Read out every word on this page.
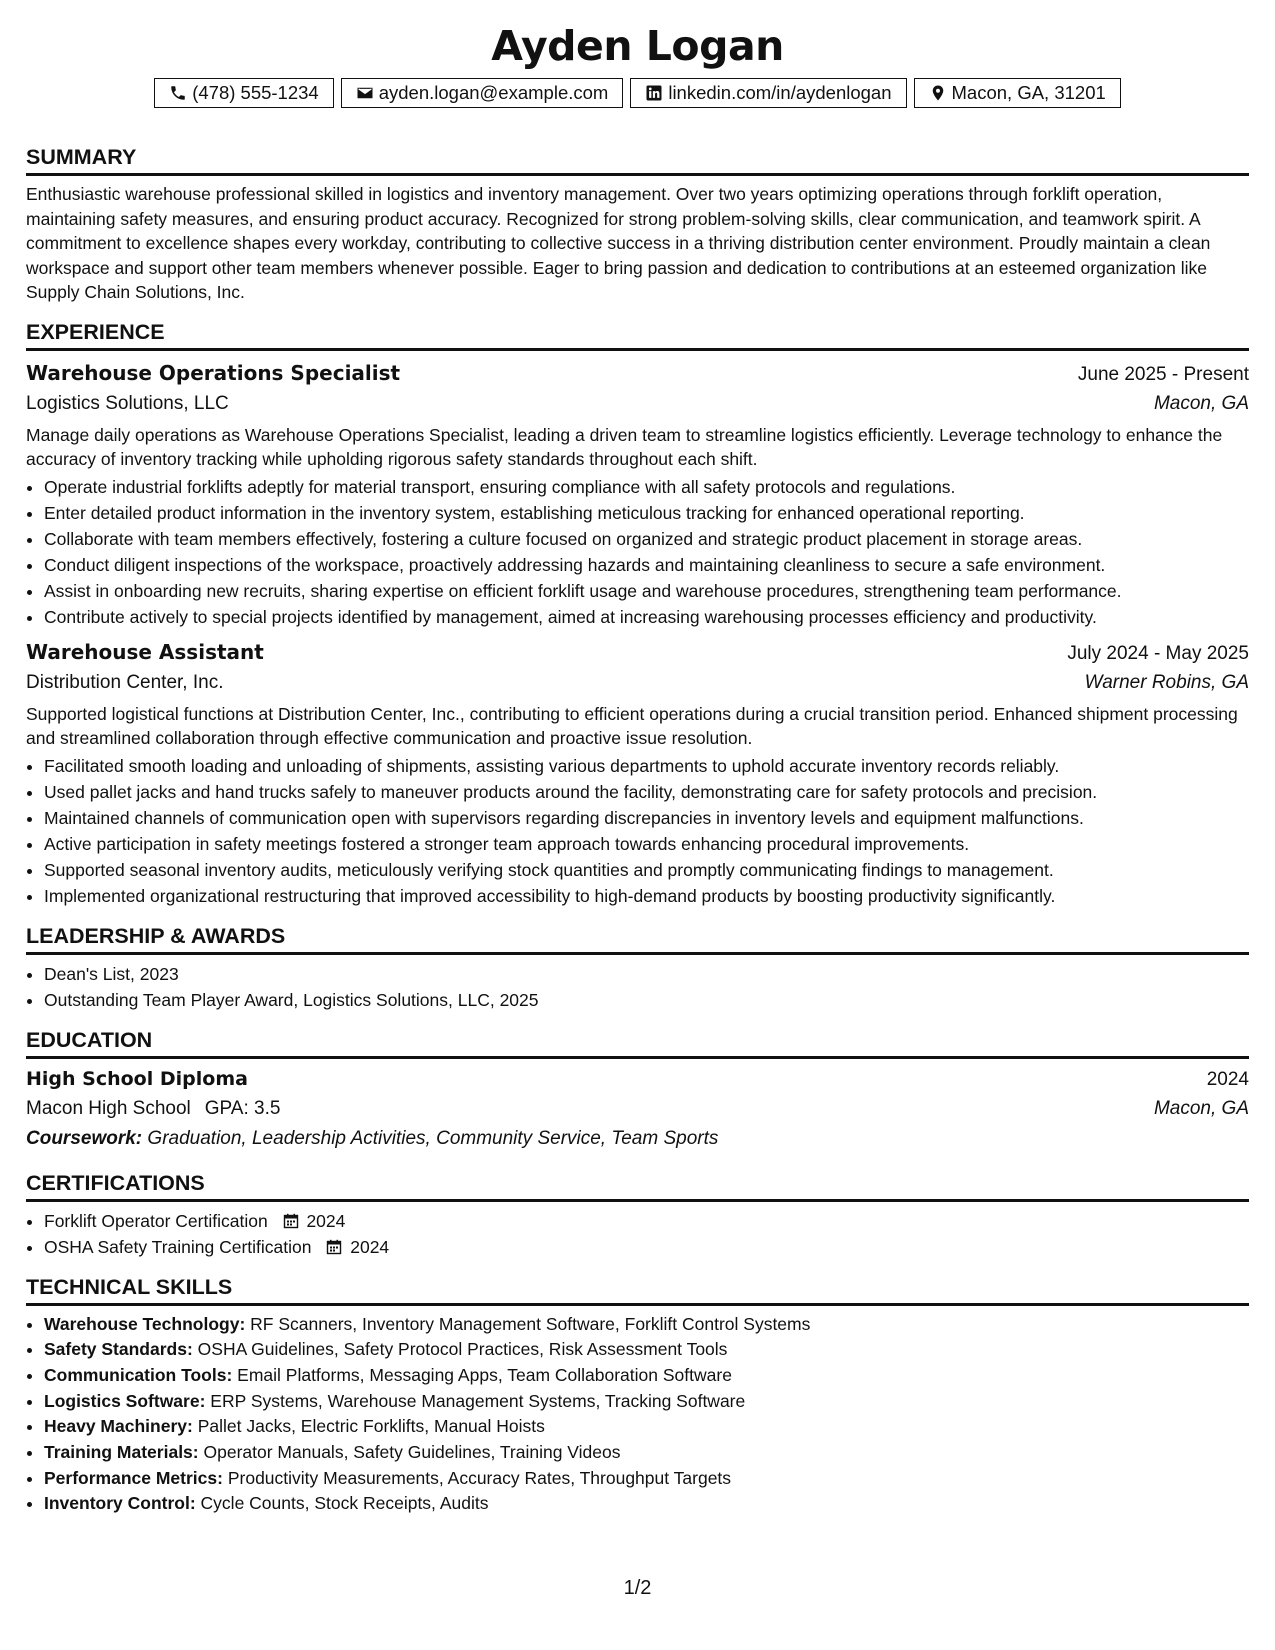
Ayden Logan
(478) 555-1234	ayden.logan@example.com	linkedin.com/in/aydenlogan	Macon, GA, 31201
SUMMARY
Enthusiastic warehouse professional skilled in logistics and inventory management. Over two years optimizing operations through forklift operation, maintaining safety measures, and ensuring product accuracy. Recognized for strong problem-solving skills, clear communication, and teamwork spirit. A commitment to excellence shapes every workday, contributing to collective success in a thriving distribution center environment. Proudly maintain a clean workspace and support other team members whenever possible. Eager to bring passion and dedication to contributions at an esteemed organization like Supply Chain Solutions, Inc.
EXPERIENCE
Warehouse Operations Specialist	June 2025 - Present
Logistics Solutions, LLC	Macon, GA
Manage daily operations as Warehouse Operations Specialist, leading a driven team to streamline logistics efficiently. Leverage technology to enhance the accuracy of inventory tracking while upholding rigorous safety standards throughout each shift.
• Operate industrial forklifts adeptly for material transport, ensuring compliance with all safety protocols and regulations.
• Enter detailed product information in the inventory system, establishing meticulous tracking for enhanced operational reporting.
• Collaborate with team members effectively, fostering a culture focused on organized and strategic product placement in storage areas.
• Conduct diligent inspections of the workspace, proactively addressing hazards and maintaining cleanliness to secure a safe environment.
• Assist in onboarding new recruits, sharing expertise on efficient forklift usage and warehouse procedures, strengthening team performance.
• Contribute actively to special projects identified by management, aimed at increasing warehousing processes efficiency and productivity.
Warehouse Assistant	July 2024 - May 2025
Distribution Center, Inc.	Warner Robins, GA
Supported logistical functions at Distribution Center, Inc., contributing to efficient operations during a crucial transition period. Enhanced shipment processing and streamlined collaboration through effective communication and proactive issue resolution.
• Facilitated smooth loading and unloading of shipments, assisting various departments to uphold accurate inventory records reliably.
• Used pallet jacks and hand trucks safely to maneuver products around the facility, demonstrating care for safety protocols and precision.
• Maintained channels of communication open with supervisors regarding discrepancies in inventory levels and equipment malfunctions.
• Active participation in safety meetings fostered a stronger team approach towards enhancing procedural improvements.
• Supported seasonal inventory audits, meticulously verifying stock quantities and promptly communicating findings to management.
• Implemented organizational restructuring that improved accessibility to high-demand products by boosting productivity significantly.
LEADERSHIP & AWARDS
• Dean's List, 2023
• Outstanding Team Player Award, Logistics Solutions, LLC, 2025
EDUCATION
High School Diploma	2024
Macon High School GPA: 3.5	Macon, GA
Coursework: Graduation, Leadership Activities, Community Service, Team Sports
CERTIFICATIONS
• Forklift Operator Certification 2024
• OSHA Safety Training Certification 2024
TECHNICAL SKILLS
• Warehouse Technology: RF Scanners, Inventory Management Software, Forklift Control Systems
• Safety Standards: OSHA Guidelines, Safety Protocol Practices, Risk Assessment Tools
• Communication Tools: Email Platforms, Messaging Apps, Team Collaboration Software
• Logistics Software: ERP Systems, Warehouse Management Systems, Tracking Software
• Heavy Machinery: Pallet Jacks, Electric Forklifts, Manual Hoists
• Training Materials: Operator Manuals, Safety Guidelines, Training Videos
• Performance Metrics: Productivity Measurements, Accuracy Rates, Throughput Targets
• Inventory Control: Cycle Counts, Stock Receipts, Audits
1/2
